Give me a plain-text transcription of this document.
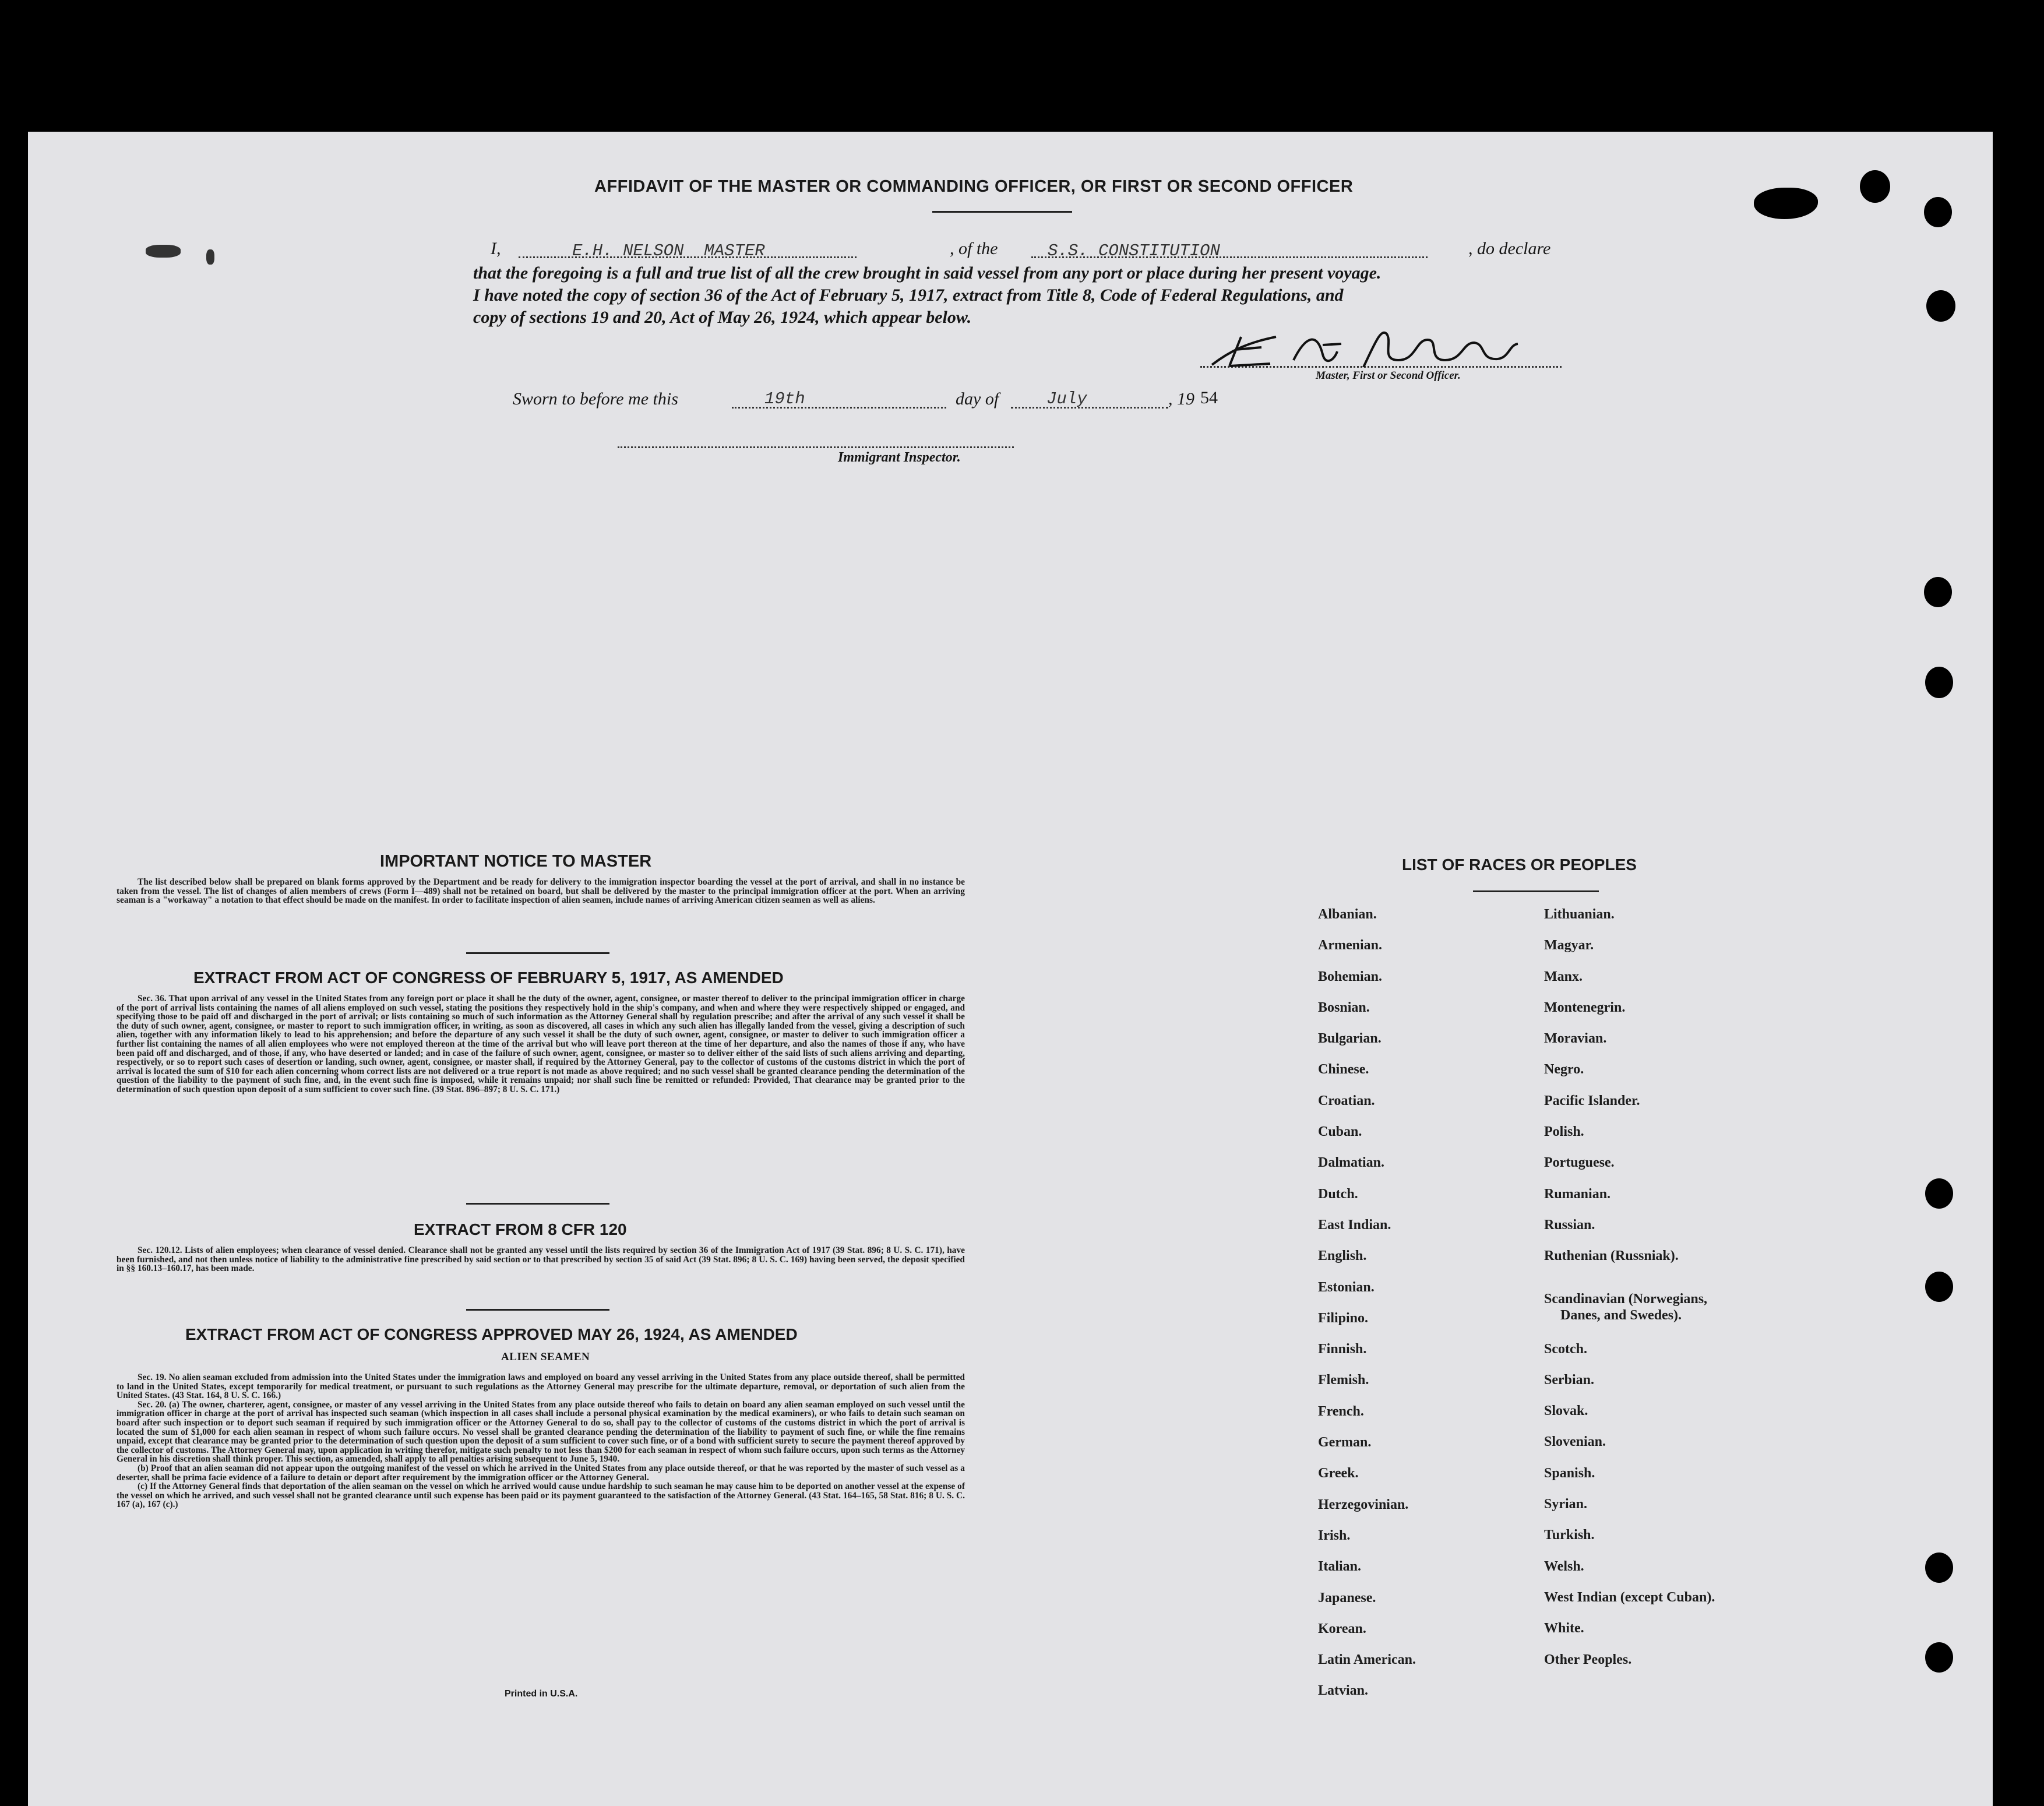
AFFIDAVIT OF THE MASTER OR COMMANDING OFFICER, OR FIRST OR SECOND OFFICER
I,	E.H. NELSON  MASTER	, of the	S.S. CONSTITUTION	, do declare
that the foregoing is a full and true list of all the crew brought in said vessel from any port or place during her present voyage.
I have noted the copy of section 36 of the Act of February 5, 1917, extract from Title 8, Code of Federal Regulations, and
copy of sections 19 and 20, Act of May 26, 1924, which appear below.
Master, First or Second Officer.
Sworn to before me this	19th	day of	July	, 19 54
Immigrant Inspector.
IMPORTANT NOTICE TO MASTER

The list described below shall be prepared on blank forms approved by the Department and be ready for delivery to the immigration inspector boarding the vessel at the port of arrival, and shall in no instance be taken from the vessel. The list of changes of alien members of crews (Form I—489) shall not be retained on board, but shall be delivered by the master to the principal immigration officer at the port. When an arriving seaman is a "workaway" a notation to that effect should be made on the manifest. In order to facilitate inspection of alien seamen, include names of arriving American citizen seamen as well as aliens.

EXTRACT FROM ACT OF CONGRESS OF FEBRUARY 5, 1917, AS AMENDED

Sec. 36. That upon arrival of any vessel in the United States from any foreign port or place it shall be the duty of the owner, agent, consignee, or master thereof to deliver to the principal immigration officer in charge of the port of arrival lists containing the names of all aliens employed on such vessel, stating the positions they respectively hold in the ship's company, and when and where they were respectively shipped or engaged, and specifying those to be paid off and discharged in the port of arrival; or lists containing so much of such information as the Attorney General shall by regulation prescribe; and after the arrival of any such vessel it shall be the duty of such owner, agent, consignee, or master to report to such immigration officer, in writing, as soon as discovered, all cases in which any such alien has illegally landed from the vessel, giving a description of such alien, together with any information likely to lead to his apprehension; and before the departure of any such vessel it shall be the duty of such owner, agent, consignee, or master to deliver to such immigration officer a further list containing the names of all alien employees who were not employed thereon at the time of the arrival but who will leave port thereon at the time of her departure, and also the names of those if any, who have been paid off and discharged, and of those, if any, who have deserted or landed; and in case of the failure of such owner, agent, consignee, or master so to deliver either of the said lists of such aliens arriving and departing, respectively, or so to report such cases of desertion or landing, such owner, agent, consignee, or master shall, if required by the Attorney General, pay to the collector of customs of the customs district in which the port of arrival is located the sum of $10 for each alien concerning whom correct lists are not delivered or a true report is not made as above required; and no such vessel shall be granted clearance pending the determination of the question of the liability to the payment of such fine, and, in the event such fine is imposed, while it remains unpaid; nor shall such fine be remitted or refunded: Provided, That clearance may be granted prior to the determination of such question upon deposit of a sum sufficient to cover such fine. (39 Stat. 896–897; 8 U. S. C. 171.)

EXTRACT FROM 8 CFR 120

Sec. 120.12. Lists of alien employees; when clearance of vessel denied. Clearance shall not be granted any vessel until the lists required by section 36 of the Immigration Act of 1917 (39 Stat. 896; 8 U. S. C. 171), have been furnished, and not then unless notice of liability to the administrative fine prescribed by said section or to that prescribed by section 35 of said Act (39 Stat. 896; 8 U. S. C. 169) having been served, the deposit specified in §§ 160.13–160.17, has been made.

EXTRACT FROM ACT OF CONGRESS APPROVED MAY 26, 1924, AS AMENDED
ALIEN SEAMEN

Sec. 19. No alien seaman excluded from admission into the United States under the immigration laws and employed on board any vessel arriving in the United States from any place outside thereof, shall be permitted to land in the United States, except temporarily for medical treatment, or pursuant to such regulations as the Attorney General may prescribe for the ultimate departure, removal, or deportation of such alien from the United States. (43 Stat. 164, 8 U. S. C. 166.)

Sec. 20. (a) The owner, charterer, agent, consignee, or master of any vessel arriving in the United States from any place outside thereof who fails to detain on board any alien seaman employed on such vessel until the immigration officer in charge at the port of arrival has inspected such seaman (which inspection in all cases shall include a personal physical examination by the medical examiners), or who fails to detain such seaman on board after such inspection or to deport such seaman if required by such immigration officer or the Attorney General to do so, shall pay to the collector of customs of the customs district in which the port of arrival is located the sum of $1,000 for each alien seaman in respect of whom such failure occurs. No vessel shall be granted clearance pending the determination of the liability to payment of such fine, or while the fine remains unpaid, except that clearance may be granted prior to the determination of such question upon the deposit of a sum sufficient to cover such fine, or of a bond with sufficient surety to secure the payment thereof approved by the collector of customs. The Attorney General may, upon application in writing therefor, mitigate such penalty to not less than $200 for each seaman in respect of whom such failure occurs, upon such terms as the Attorney General in his discretion shall think proper. This section, as amended, shall apply to all penalties arising subsequent to June 5, 1940.

(b) Proof that an alien seaman did not appear upon the outgoing manifest of the vessel on which he arrived in the United States from any place outside thereof, or that he was reported by the master of such vessel as a deserter, shall be prima facie evidence of a failure to detain or deport after requirement by the immigration officer or the Attorney General.

(c) If the Attorney General finds that deportation of the alien seaman on the vessel on which he arrived would cause undue hardship to such seaman he may cause him to be deported on another vessel at the expense of the vessel on which he arrived, and such vessel shall not be granted clearance until such expense has been paid or its payment guaranteed to the satisfaction of the Attorney General. (43 Stat. 164–165, 58 Stat. 816; 8 U. S. C. 167 (a), 167 (c).)

Printed in U.S.A.
LIST OF RACES OR PEOPLES
Albanian.
Armenian.
Bohemian.
Bosnian.
Bulgarian.
Chinese.
Croatian.
Cuban.
Dalmatian.
Dutch.
East Indian.
English.
Estonian.
Filipino.
Finnish.
Flemish.
French.
German.
Greek.
Herzegovinian.
Irish.
Italian.
Japanese.
Korean.
Latin American.
Latvian.
Lithuanian.
Magyar.
Manx.
Montenegrin.
Moravian.
Negro.
Pacific Islander.
Polish.
Portuguese.
Rumanian.
Russian.
Ruthenian (Russniak).
Scandinavian (Norwegians,
Danes, and Swedes).
Scotch.
Serbian.
Slovak.
Slovenian.
Spanish.
Syrian.
Turkish.
Welsh.
West Indian (except Cuban).
White.
Other Peoples.
